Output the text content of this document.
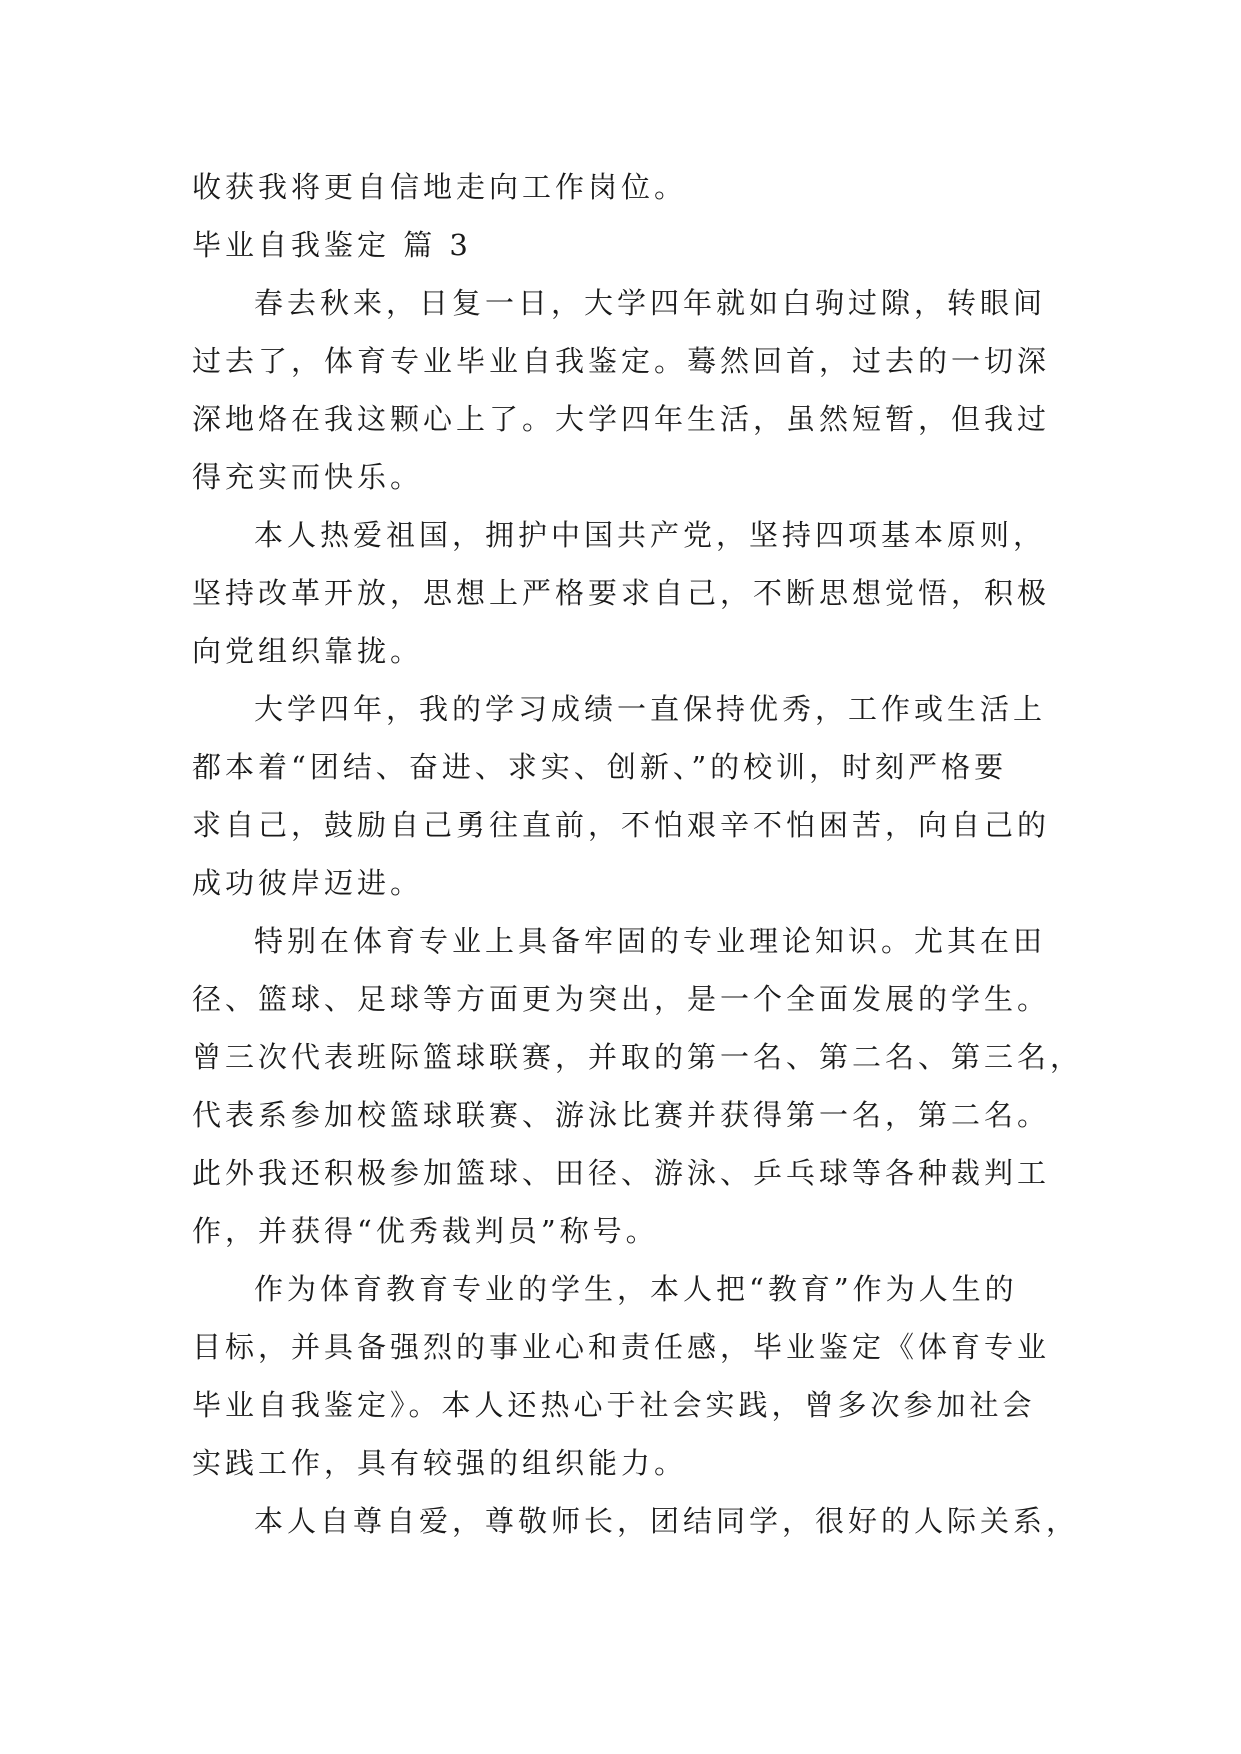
收获我将更自信地走向工作岗位。
毕业自我鉴定 篇 3
春去秋来，日复一日，大学四年就如白驹过隙，转眼间
过去了，体育专业毕业自我鉴定。蓦然回首，过去的一切深
深地烙在我这颗心上了。大学四年生活，虽然短暂，但我过
得充实而快乐。
本人热爱祖国，拥护中国共产党，坚持四项基本原则，
坚持改革开放，思想上严格要求自己，不断思想觉悟，积极
向党组织靠拢。
大学四年，我的学习成绩一直保持优秀，工作或生活上
都本着“团结、奋进、求实、创新、”的校训，时刻严格要
求自己，鼓励自己勇往直前，不怕艰辛不怕困苦，向自己的
成功彼岸迈进。
特别在体育专业上具备牢固的专业理论知识。尤其在田
径、篮球、足球等方面更为突出，是一个全面发展的学生。
曾三次代表班际篮球联赛，并取的第一名、第二名、第三名，
代表系参加校篮球联赛、游泳比赛并获得第一名，第二名。
此外我还积极参加篮球、田径、游泳、乒乓球等各种裁判工
作，并获得“优秀裁判员”称号。
作为体育教育专业的学生，本人把“教育”作为人生的
目标，并具备强烈的事业心和责任感，毕业鉴定《体育专业
毕业自我鉴定》。本人还热心于社会实践，曾多次参加社会
实践工作，具有较强的组织能力。
本人自尊自爱，尊敬师长，团结同学，很好的人际关系，
